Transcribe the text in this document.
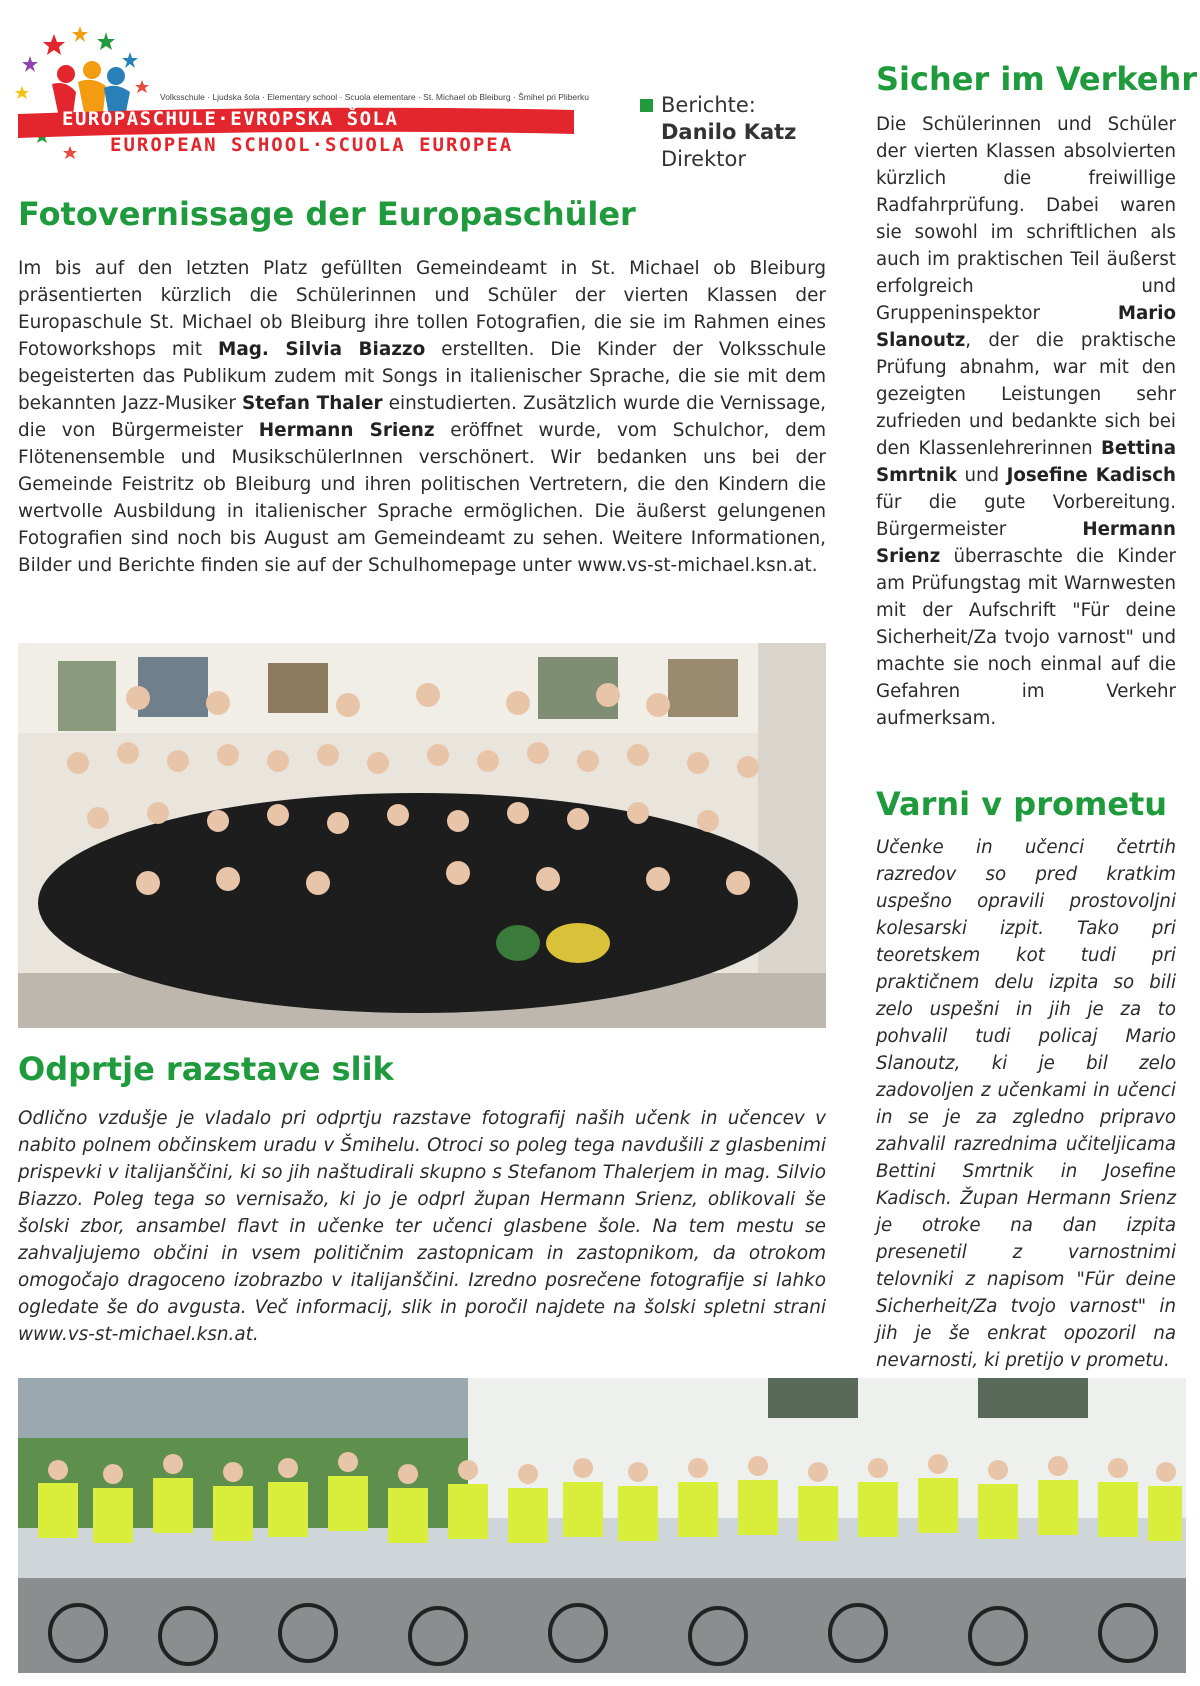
Volksschule · Ljudska šola · Elementary school · Scuola elementare · St. Michael ob Bleiburg · Šmihel pri Pliberku
EUROPASCHULE·EVROPSKA ŠOLA
EUROPEAN SCHOOL·SCUOLA EUROPEA
Berichte:
Danilo Katz
Direktor
Fotovernissage der Europaschüler

Im bis auf den letzten Platz gefüllten Gemeindeamt in St. Michael ob Bleiburg präsentierten kürzlich die Schülerinnen und Schüler der vierten Klassen der Europaschule St. Michael ob Bleiburg ihre tollen Fotografien, die sie im Rahmen eines Fotoworkshops mit Mag. Silvia Biazzo erstellten. Die Kinder der Volksschule begeisterten das Publikum zudem mit Songs in italienischer Sprache, die sie mit dem bekannten Jazz-Musiker Stefan Thaler einstudierten. Zusätzlich wurde die Vernissage, die von Bürgermeister Hermann Srienz eröffnet wurde, vom Schulchor, dem Flötenensemble und MusikschülerInnen verschönert. Wir bedanken uns bei der Gemeinde Feistritz ob Bleiburg und ihren politischen Vertretern, die den Kindern die wertvolle Ausbildung in italienischer Sprache ermöglichen. Die äußerst gelungenen Fotografien sind noch bis August am Gemeindeamt zu sehen. Weitere Informationen, Bilder und Berichte finden sie auf der Schulhomepage unter www.vs-st-michael.ksn.at.

Odprtje razstave slik

Odlično vzdušje je vladalo pri odprtju razstave fotografij naših učenk in učencev v nabito polnem občinskem uradu v Šmihelu. Otroci so poleg tega navdušili z glasbenimi prispevki v italijanščini, ki so jih naštudirali skupno s Stefanom Thalerjem in mag. Silvio Biazzo. Poleg tega so vernisažo, ki jo je odprl župan Hermann Srienz, oblikovali še šolski zbor, ansambel flavt in učenke ter učenci glasbene šole. Na tem mestu se zahvaljujemo občini in vsem političnim zastopnicam in zastopnikom, da otrokom omogočajo dragoceno izobrazbo v italijanščini. Izredno posrečene fotografije si lahko ogledate še do avgusta. Več informacij, slik in poročil najdete na šolski spletni strani www.vs-st-michael.ksn.at.

Sicher im Verkehr

Die Schülerinnen und Schüler der vierten Klassen absolvierten kürzlich die freiwillige Radfahrprüfung. Dabei waren sie sowohl im schriftlichen als auch im praktischen Teil äußerst erfolgreich und Gruppeninspektor Mario Slanoutz, der die praktische Prüfung abnahm, war mit den gezeigten Leistungen sehr zufrieden und bedankte sich bei den Klassenlehrerinnen Bettina Smrtnik und Josefine Kadisch für die gute Vorbereitung. Bürgermeister Hermann Srienz überraschte die Kinder am Prüfungstag mit Warnwesten mit der Aufschrift "Für deine Sicherheit/Za tvojo varnost" und machte sie noch einmal auf die Gefahren im Verkehr aufmerksam.

Varni v prometu

Učenke in učenci četrtih razredov so pred kratkim uspešno opravili prostovoljni kolesarski izpit. Tako pri teoretskem kot tudi pri praktičnem delu izpita so bili zelo uspešni in jih je za to pohvalil tudi policaj Mario Slanoutz, ki je bil zelo zadovoljen z učenkami in učenci in se je za zgledno pripravo zahvalil razrednima učiteljicama Bettini Smrtnik in Josefine Kadisch. Župan Hermann Srienz je otroke na dan izpita presenetil z varnostnimi telovniki z napisom "Für deine Sicherheit/Za tvojo varnost" in jih je še enkrat opozoril na nevarnosti, ki pretijo v prometu.
